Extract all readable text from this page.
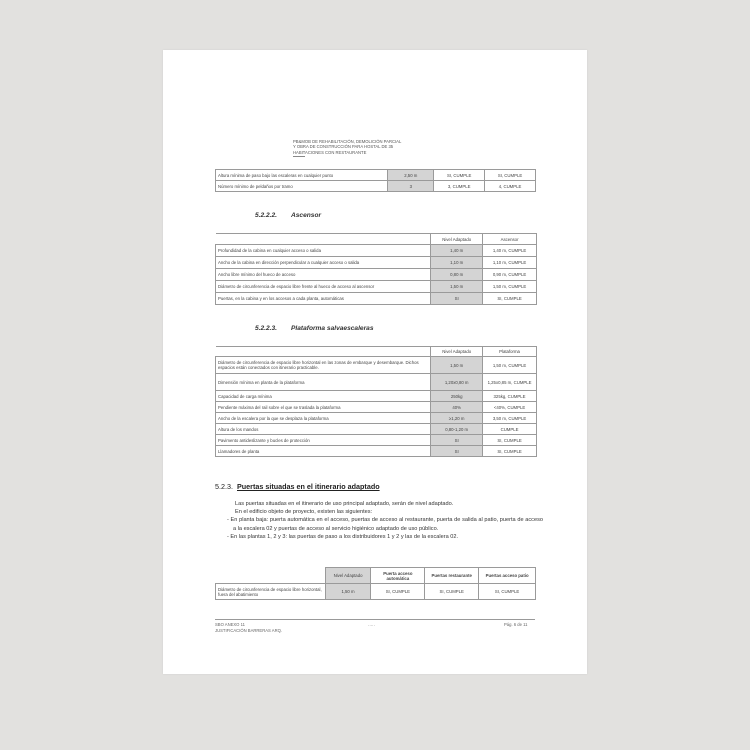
PB&MOB DE REHABILITACIÓN, DEMOLICIÓN PARCIAL
Y OBRA DE CONSTRUCCIÓN PARA HOSTAL DE 35
HABITACIONES CON RESTAURANTE
Altura mínima de paso bajo las escaleras en cualquier punto	2,50 m	SI, CUMPLE	SI, CUMPLE
Número mínimo de peldaños por tramo	3	3, CUMPLE	4, CUMPLE
5.2.2.2. Ascensor
	Nivel Adaptado	Ascensor
Profundidad de la cabina en cualquier acceso o salida	1,40 m	1,40 m, CUMPLE
Ancho de la cabina en dirección perpendicular a cualquier acceso o salida	1,10 m	1,10 m, CUMPLE
Ancho libre mínimo del hueco de acceso	0,80 m	0,90 m, CUMPLE
Diámetro de circunferencia de espacio libre frente al hueco de acceso al ascensor	1,50 m	1,50 m, CUMPLE
Puertas, en la cabina y en los accesos a cada planta, automáticas	SI	SI, CUMPLE
5.2.2.3. Plataforma salvaescaleras
	Nivel Adaptado	Plataforma
Diámetro de circunferencia de espacio libre horizontal en las zonas de embarque y desembarque. Dichos espacios están conectados con itinerario practicable.	1,50 m	1,50 m, CUMPLE
Dimensión mínima en planta de la plataforma	1,20x0,80 m	1,25x0,85 m, CUMPLE
Capacidad de carga mínima	250kg	325kg, CUMPLE
Pendiente máxima del rail sobre el que se traslada la plataforma	40%	<40%, CUMPLE
Ancho de la escalera por la que se desplaza la plataforma	≥1,20 m	3,50 m, CUMPLE
Altura de los mandos	0,80-1,20 m	CUMPLE
Pavimento antideslizante y bucles de protección	SI	SI, CUMPLE
Llamadores de planta	SI	SI, CUMPLE
5.2.3. Puertas situadas en el itinerario adaptado
Las puertas situadas en el itinerario de uso principal adaptado, serán de nivel adaptado.
En el edificio objeto de proyecto, existen las siguientes:
- En planta baja: puerta automática en el acceso, puertas de acceso al restaurante, puerta de salida al patio, puerta de acceso a la escalera 02 y puertas de acceso al servicio higiénico adaptado de uso público.
- En las plantas 1, 2 y 3: las puertas de paso a los distribuidores 1 y 2 y las de la escalera 02.
	Nivel Adaptado	Puerta acceso automática	Puertas restaurante	Puertas acceso patio
Diámetro de circunferencia de espacio libre horizontal, fuera del abatimiento	1,50 m	SI, CUMPLE	SI, CUMPLE	SI, CUMPLE
SBO ANEXO 11
JUSTIFICACIÓN BARRERAS ARQ.
·····	Pág. 6 de 11
